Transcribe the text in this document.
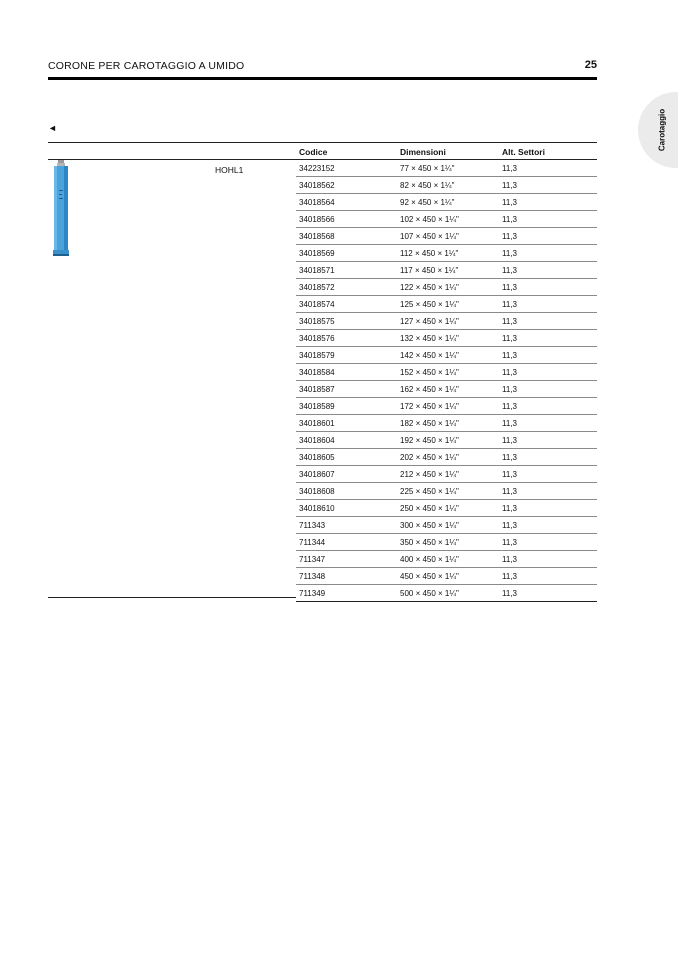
CORONE PER CAROTAGGIO A UMIDO	25
Carotaggio
◄
Codice	Dimensioni	Alt. Settori
HOHL1	34223152	77 × 450 × 1¼"	11,3
34018562	82 × 450 × 1¼"	11,3
34018564	92 × 450 × 1¼"	11,3
34018566	102 × 450 × 1¼"	11,3
34018568	107 × 450 × 1¼"	11,3
34018569	112 × 450 × 1¼"	11,3
34018571	117 × 450 × 1¼"	11,3
34018572	122 × 450 × 1¼"	11,3
34018574	125 × 450 × 1¼"	11,3
34018575	127 × 450 × 1¼"	11,3
34018576	132 × 450 × 1¼"	11,3
34018579	142 × 450 × 1¼"	11,3
34018584	152 × 450 × 1¼"	11,3
34018587	162 × 450 × 1¼"	11,3
34018589	172 × 450 × 1¼"	11,3
34018601	182 × 450 × 1¼"	11,3
34018604	192 × 450 × 1¼"	11,3
34018605	202 × 450 × 1¼"	11,3
34018607	212 × 450 × 1¼"	11,3
34018608	225 × 450 × 1¼"	11,3
34018610	250 × 450 × 1¼"	11,3
711343	300 × 450 × 1¼"	11,3
711344	350 × 450 × 1¼"	11,3
711347	400 × 450 × 1¼"	11,3
711348	450 × 450 × 1¼"	11,3
711349	500 × 450 × 1¼"	11,3
